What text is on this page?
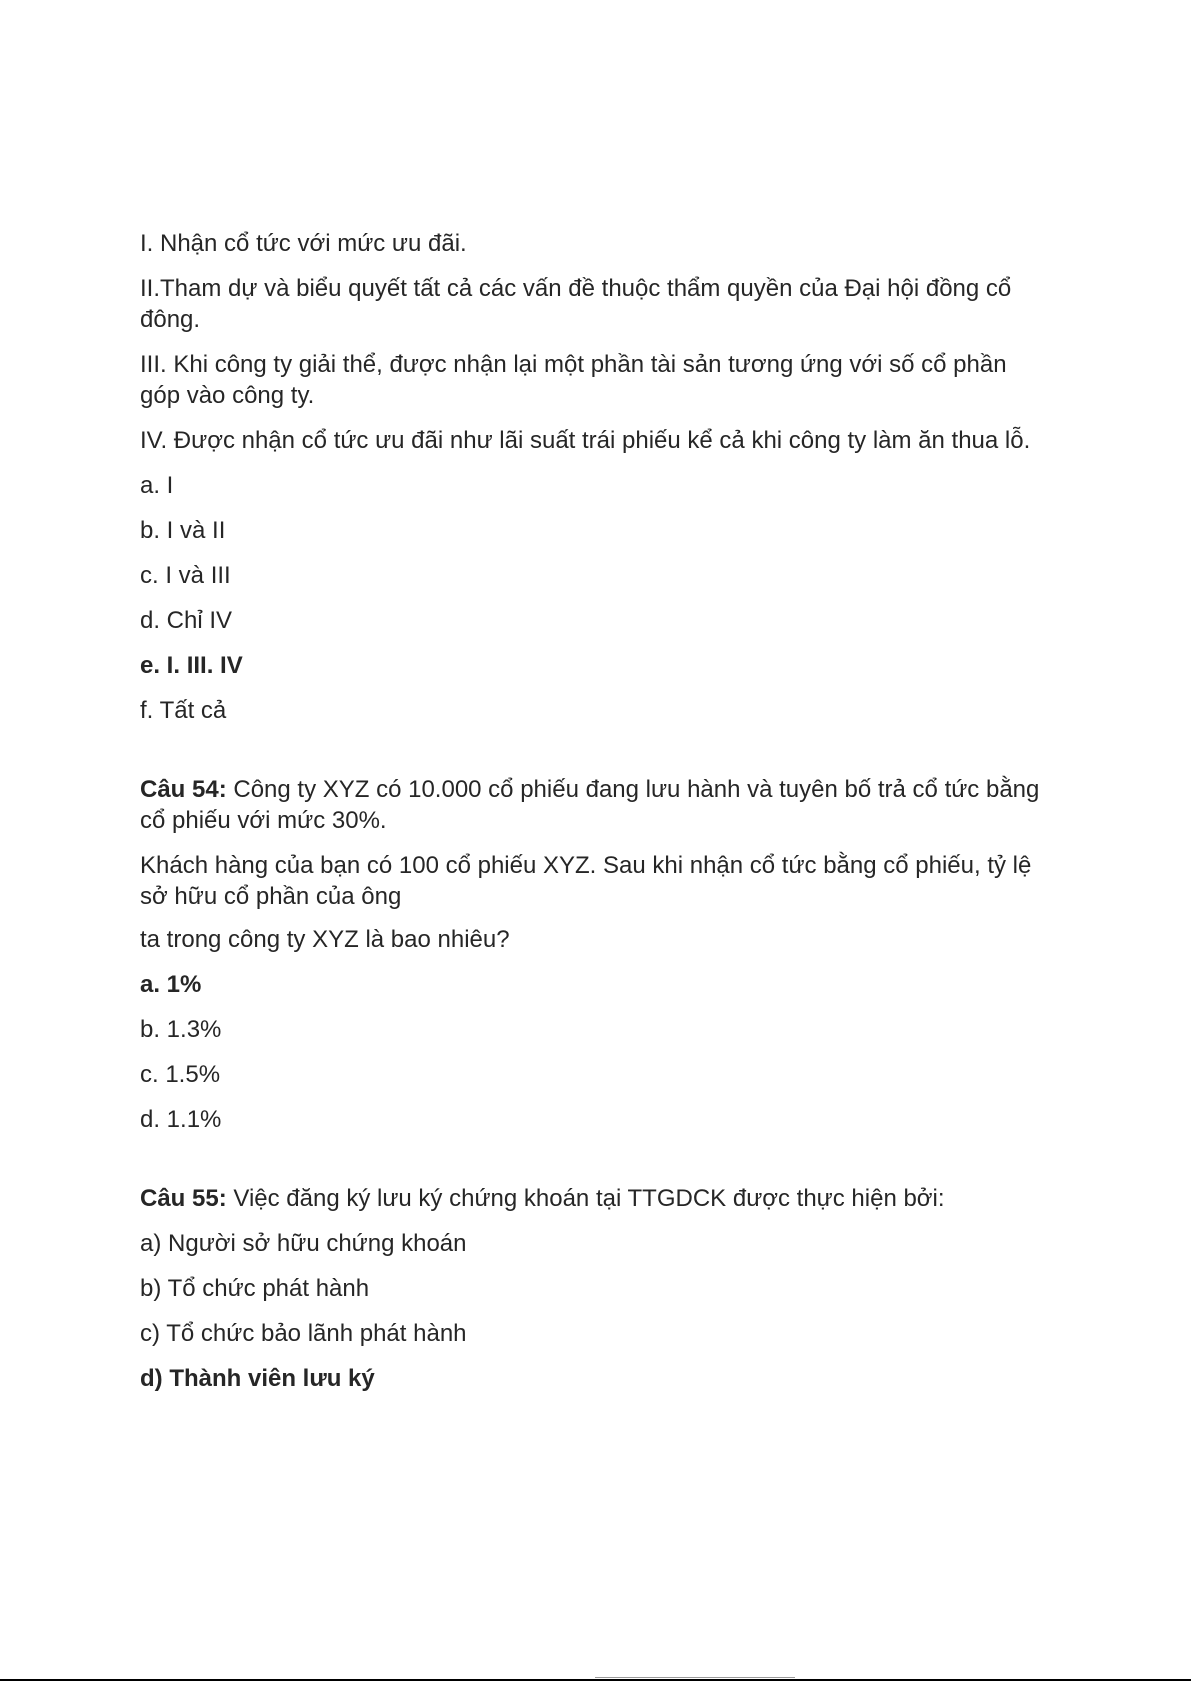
I. Nhận cổ tức với mức ưu đãi.

II.Tham dự và biểu quyết tất cả các vấn đề thuộc thẩm quyền của Đại hội đồng cổ đông.

III. Khi công ty giải thể, được nhận lại một phần tài sản tương ứng với số cổ phần góp vào công ty.

IV. Được nhận cổ tức ưu đãi như lãi suất trái phiếu kể cả khi công ty làm ăn thua lỗ.

a. I

b. I và II

c. I và III

d. Chỉ IV

e. I. III. IV

f. Tất cả

Câu 54: Công ty XYZ có 10.000 cổ phiếu đang lưu hành và tuyên bố trả cổ tức bằng cổ phiếu với mức 30%.

Khách hàng của bạn có 100 cổ phiếu XYZ. Sau khi nhận cổ tức bằng cổ phiếu, tỷ lệ sở hữu cổ phần của ông

ta trong công ty XYZ là bao nhiêu?

a. 1%

b. 1.3%

c. 1.5%

d. 1.1%

Câu 55: Việc đăng ký lưu ký chứng khoán tại TTGDCK được thực hiện bởi:

a) Người sở hữu chứng khoán

b) Tổ chức phát hành

c) Tổ chức bảo lãnh phát hành

d) Thành viên lưu ký
